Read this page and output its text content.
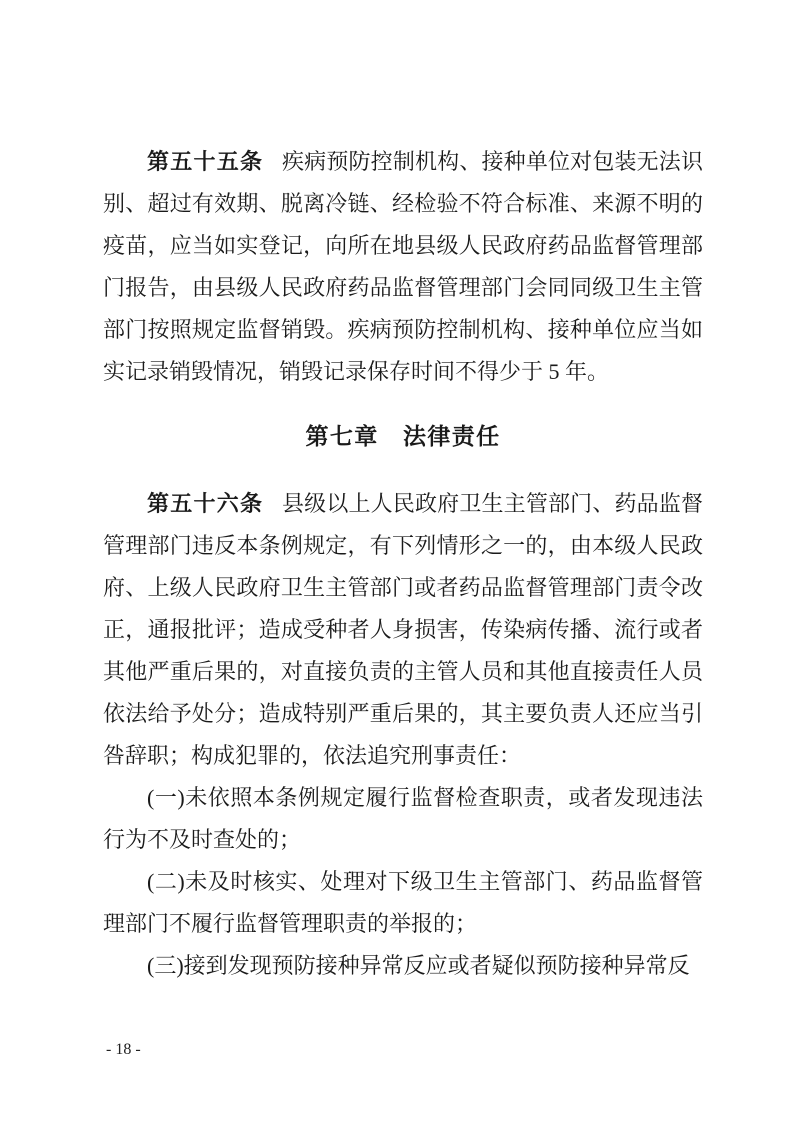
第五十五条 疾病预防控制机构、接种单位对包装无法识别、超过有效期、脱离冷链、经检验不符合标准、来源不明的疫苗，应当如实登记，向所在地县级人民政府药品监督管理部门报告，由县级人民政府药品监督管理部门会同同级卫生主管部门按照规定监督销毁。疾病预防控制机构、接种单位应当如实记录销毁情况，销毁记录保存时间不得少于 5 年。

第七章　法律责任

第五十六条 县级以上人民政府卫生主管部门、药品监督管理部门违反本条例规定，有下列情形之一的，由本级人民政府、上级人民政府卫生主管部门或者药品监督管理部门责令改正，通报批评；造成受种者人身损害，传染病传播、流行或者其他严重后果的，对直接负责的主管人员和其他直接责任人员依法给予处分；造成特别严重后果的，其主要负责人还应当引咎辞职；构成犯罪的，依法追究刑事责任：

(一)未依照本条例规定履行监督检查职责，或者发现违法行为不及时查处的；

(二)未及时核实、处理对下级卫生主管部门、药品监督管理部门不履行监督管理职责的举报的；

(三)接到发现预防接种异常反应或者疑似预防接种异常反

- 18 -
